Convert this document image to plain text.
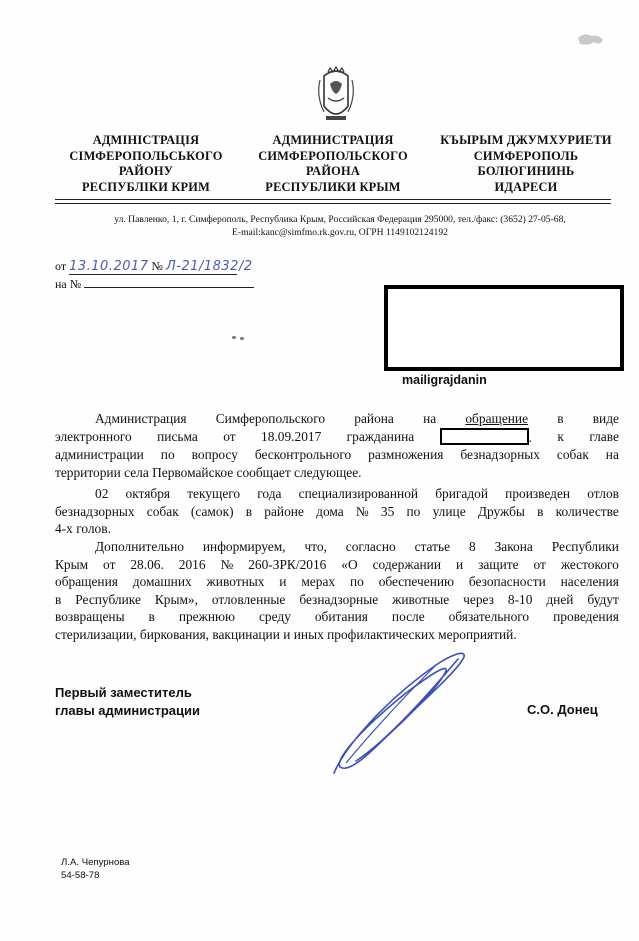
АДМІНІСТРАЦІЯ
СІМФЕРОПОЛЬСЬКОГО
РАЙОНУ
РЕСПУБЛІКИ КРИМ
АДМИНИСТРАЦИЯ
СИМФЕРОПОЛЬСКОГО
РАЙОНА
РЕСПУБЛИКИ КРЫМ
КЪЫРЫМ ДЖУМХУРИЕТИ
СИМФЕРОПОЛЬ
БОЛЮГИНИНЬ
ИДАРЕСИ
ул. Павленко, 1, г. Симферополь, Республика Крым, Российская Федерация 295000, тел./факс: (3652) 27-05-68,
E-mail:kanc@simfmo.rk.gov.ru, ОГРН 1149102124192
от 13.10.2017 № Л-21/1832/2
на №
mailigrajdanin
Администрация Симферопольского района на обращение в виде
электронного письма от 18.09.2017 гражданина	. к главе
администрации по вопросу бесконтрольного размножения безнадзорных собак на
территории села Первомайское сообщает следующее.
02 октября текущего года специализированной бригадой произведен отлов
безнадзорных собак (самок) в районе дома № 35 по улице Дружбы в количестве
4-х голов.
Дополнительно информируем, что, согласно статье 8 Закона Республики
Крым от 28.06. 2016 № 260-ЗРК/2016 «О содержании и защите от жестокого
обращения домашних животных и мерах по обеспечению безопасности населения
в Республике Крым», отловленные безнадзорные животные через 8-10 дней будут
возвращены в прежнюю среду обитания после обязательного проведения
стерилизации, биркования, вакцинации и иных профилактических мероприятий.
Первый заместитель
главы администрации	С.О. Донец
Л.А. Чепурнова
54-58-78
